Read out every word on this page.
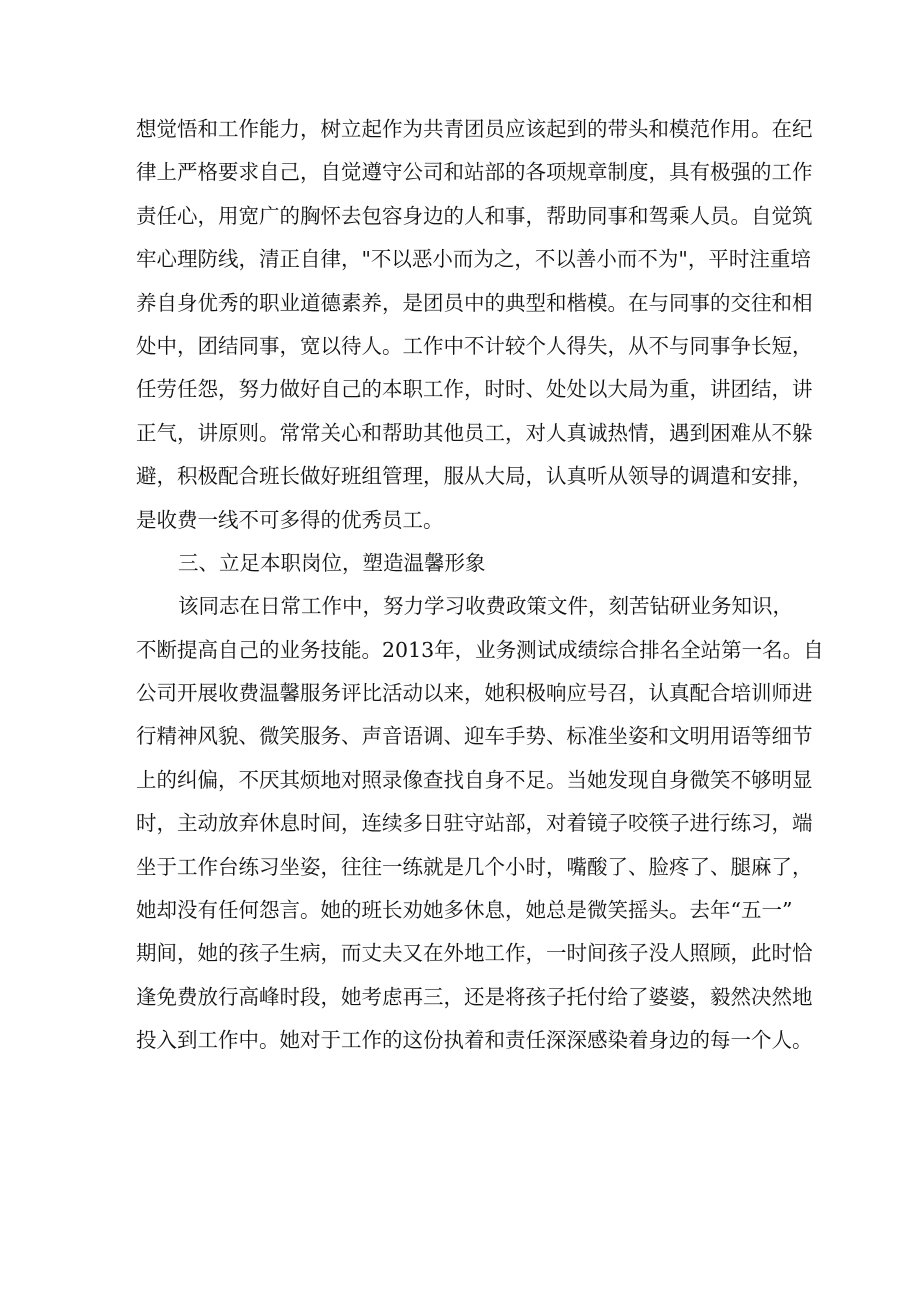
想觉悟和工作能力，树立起作为共青团员应该起到的带头和模范作用。在纪
律上严格要求自己，自觉遵守公司和站部的各项规章制度，具有极强的工作
责任心，用宽广的胸怀去包容身边的人和事，帮助同事和驾乘人员。自觉筑
牢心理防线，清正自律，"不以恶小而为之，不以善小而不为"，平时注重培
养自身优秀的职业道德素养，是团员中的典型和楷模。在与同事的交往和相
处中，团结同事，宽以待人。工作中不计较个人得失，从不与同事争长短，
任劳任怨，努力做好自己的本职工作，时时、处处以大局为重，讲团结，讲
正气，讲原则。常常关心和帮助其他员工，对人真诚热情，遇到困难从不躲
避，积极配合班长做好班组管理，服从大局，认真听从领导的调遣和安排，
是收费一线不可多得的优秀员工。
三、立足本职岗位，塑造温馨形象
该同志在日常工作中，努力学习收费政策文件，刻苦钻研业务知识，
不断提高自己的业务技能。2013年，业务测试成绩综合排名全站第一名。自
公司开展收费温馨服务评比活动以来，她积极响应号召，认真配合培训师进
行精神风貌、微笑服务、声音语调、迎车手势、标准坐姿和文明用语等细节
上的纠偏，不厌其烦地对照录像查找自身不足。当她发现自身微笑不够明显
时，主动放弃休息时间，连续多日驻守站部，对着镜子咬筷子进行练习，端
坐于工作台练习坐姿，往往一练就是几个小时，嘴酸了、脸疼了、腿麻了，
她却没有任何怨言。她的班长劝她多休息，她总是微笑摇头。去年“五一”
期间，她的孩子生病，而丈夫又在外地工作，一时间孩子没人照顾，此时恰
逢免费放行高峰时段，她考虑再三，还是将孩子托付给了婆婆，毅然决然地
投入到工作中。她对于工作的这份执着和责任深深感染着身边的每一个人。
